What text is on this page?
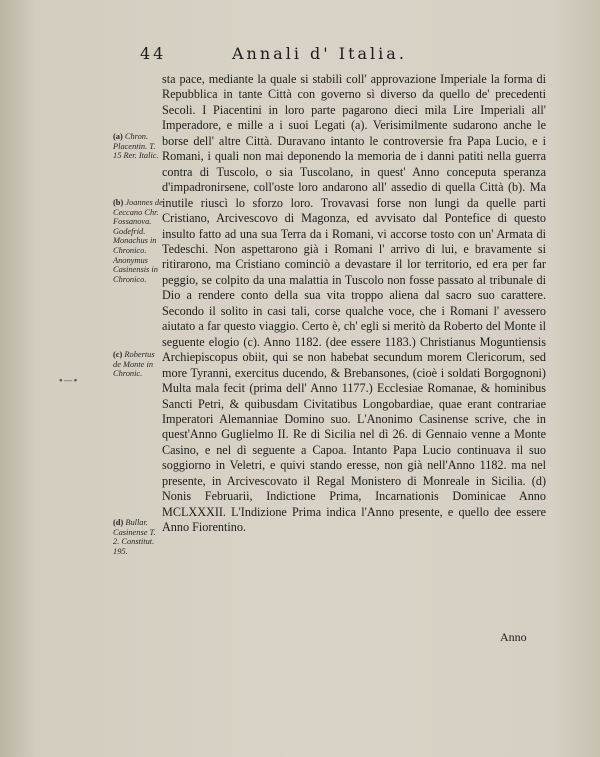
44	Annali d' Italia.

sta pace, mediante la quale si stabilì coll' approvazione Imperiale la forma di Repubblica in tante Città con governo sì diverso da quello de' precedenti Secoli. I Piacentini in loro parte pagarono dieci mila Lire Imperiali all' Imperadore, e mille a i suoi Legati (a). Verisimilmente sudarono anche le borse dell' altre Città. Duravano intanto le controversie fra Papa Lucio, e i Romani, i quali non mai deponendo la memoria de i danni patiti nella guerra contra di Tuscolo, o sia Tuscolano, in quest' Anno conceputa speranza d'impadronirsene, coll'oste loro andarono all' assedio di quella Città (b). Ma inutile riuscì lo sforzo loro. Trovavasi forse non lungi da quelle parti Cristiano, Arcivescovo di Magonza, ed avvisato dal Pontefice di questo insulto fatto ad una sua Terra da i Romani, vi accorse tosto con un' Armata di Tedeschi. Non aspettarono già i Romani l' arrivo di lui, e bravamente si ritirarono, ma Cristiano cominciò a devastare il lor territorio, ed era per far peggio, se colpito da una malattia in Tuscolo non fosse passato al tribunale di Dio a rendere conto della sua vita troppo aliena dal sacro suo carattere. Secondo il solito in casi tali, corse qualche voce, che i Romani l' avessero aiutato a far questo viaggio. Certo è, ch' egli si meritò da Roberto del Monte il seguente elogio (c). Anno 1182. (dee essere 1183.) Christianus Moguntiensis Archiepiscopus obiit, qui se non habebat secundum morem Clericorum, sed more Tyranni, exercitus ducendo, & Brebansones, (cioè i soldati Borgognoni) Multa mala fecit (prima dell' Anno 1177.) Ecclesiae Romanae, & hominibus Sancti Petri, & quibusdam Civitatibus Longobardiae, quae erant contrariae Imperatori Alemanniae Domino suo. L'Anonimo Casinense scrive, che in quest'Anno Guglielmo II. Re di Sicilia nel dì 26. di Gennaio venne a Monte Casino, e nel dì seguente a Capoa. Intanto Papa Lucio continuava il suo soggiorno in Veletri, e quivi stando eresse, non già nell'Anno 1182. ma nel presente, in Arcivescovato il Regal Monistero di Monreale in Sicilia. (d) Nonis Februarii, Indictione Prima, Incarnationis Dominicae Anno MCLXXXII. L'Indizione Prima indica l'Anno presente, e quello dee essere Anno Fiorentino.

(a) Chron. Placentin. T. 15 Rer. Italic.
(b) Joannes de Ceccano Chr. Fossanova. Godefrid. Monachus in Chronico. Anonymus Casinensis in Chronico.
(c) Robertus de Monte in Chronic.
(d) Bullar. Casinense T. 2. Constitut. 195.
∙—∙
Anno
